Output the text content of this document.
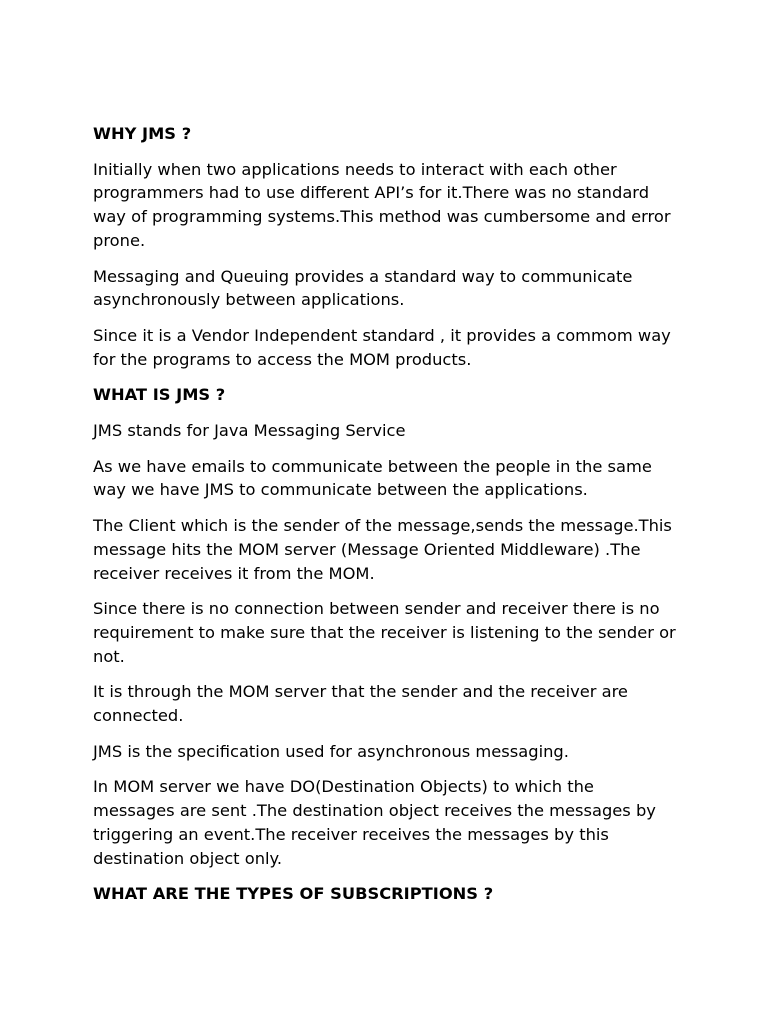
WHY JMS ?
Initially when two applications needs to interact with each other programmers had to use different API’s for it.There was no standard way of programming systems.This method was cumbersome and error prone.
Messaging and Queuing provides a standard way to communicate asynchronously between applications.
Since it is a Vendor Independent standard , it provides a commom way for the programs to access the MOM products.
WHAT IS JMS ?
JMS stands for Java Messaging Service
As we have emails to communicate between the people in the same way we have JMS to communicate between the applications.
The Client which is the sender of the message,sends the message.This message hits the MOM server (Message Oriented Middleware) .The receiver receives it from the MOM.
Since there is no connection between sender and receiver there is no requirement to make sure that the receiver is listening to the sender or not.
It is through the MOM server that the sender and the receiver are connected.
JMS is the specification used for asynchronous messaging.
In MOM server we have DO(Destination Objects) to which the messages are sent .The destination object receives the messages by triggering an event.The receiver receives the messages by this destination object only.
WHAT ARE THE TYPES OF SUBSCRIPTIONS ?
